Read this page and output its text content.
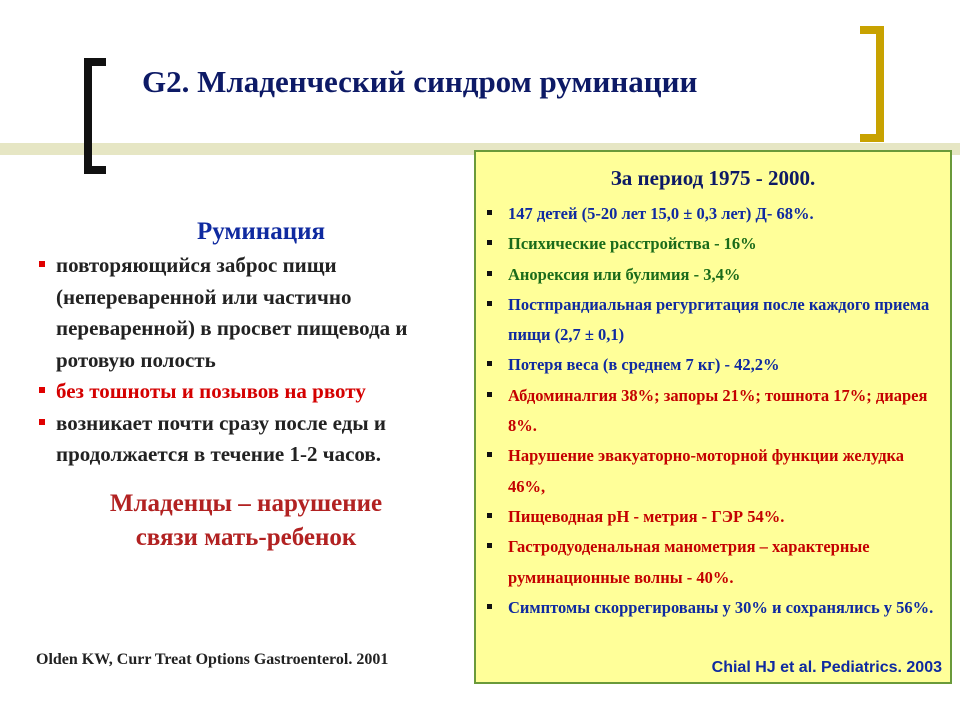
G2. Младенческий синдром руминации
Руминация
повторяющийся заброс пищи (непереваренной или частично переваренной) в просвет пищевода и ротовую полость
без тошноты и позывов на рвоту
возникает почти сразу после еды и продолжается в течение 1-2 часов.
Младенцы – нарушение
связи мать-ребенок
Olden KW, Curr Treat Options Gastroenterol. 2001
За период 1975 - 2000.
147 детей (5-20 лет 15,0 ± 0,3 лет) Д- 68%.
Психические расстройства - 16%
Анорексия или булимия - 3,4%
Постпрандиальная регургитация после каждого приема пищи (2,7 ± 0,1)
Потеря веса (в среднем 7 кг) - 42,2%
Абдоминалгия 38%; запоры 21%; тошнота 17%; диарея 8%.
Нарушение эвакуаторно-моторной функции желудка 46%,
Пищеводная pH - метрия - ГЭР 54%.
Гастродуоденальная манометрия – характерные руминационные волны - 40%.
Симптомы скоррегированы у 30% и сохранялись у 56%.
Chial HJ et al. Pediatrics. 2003
